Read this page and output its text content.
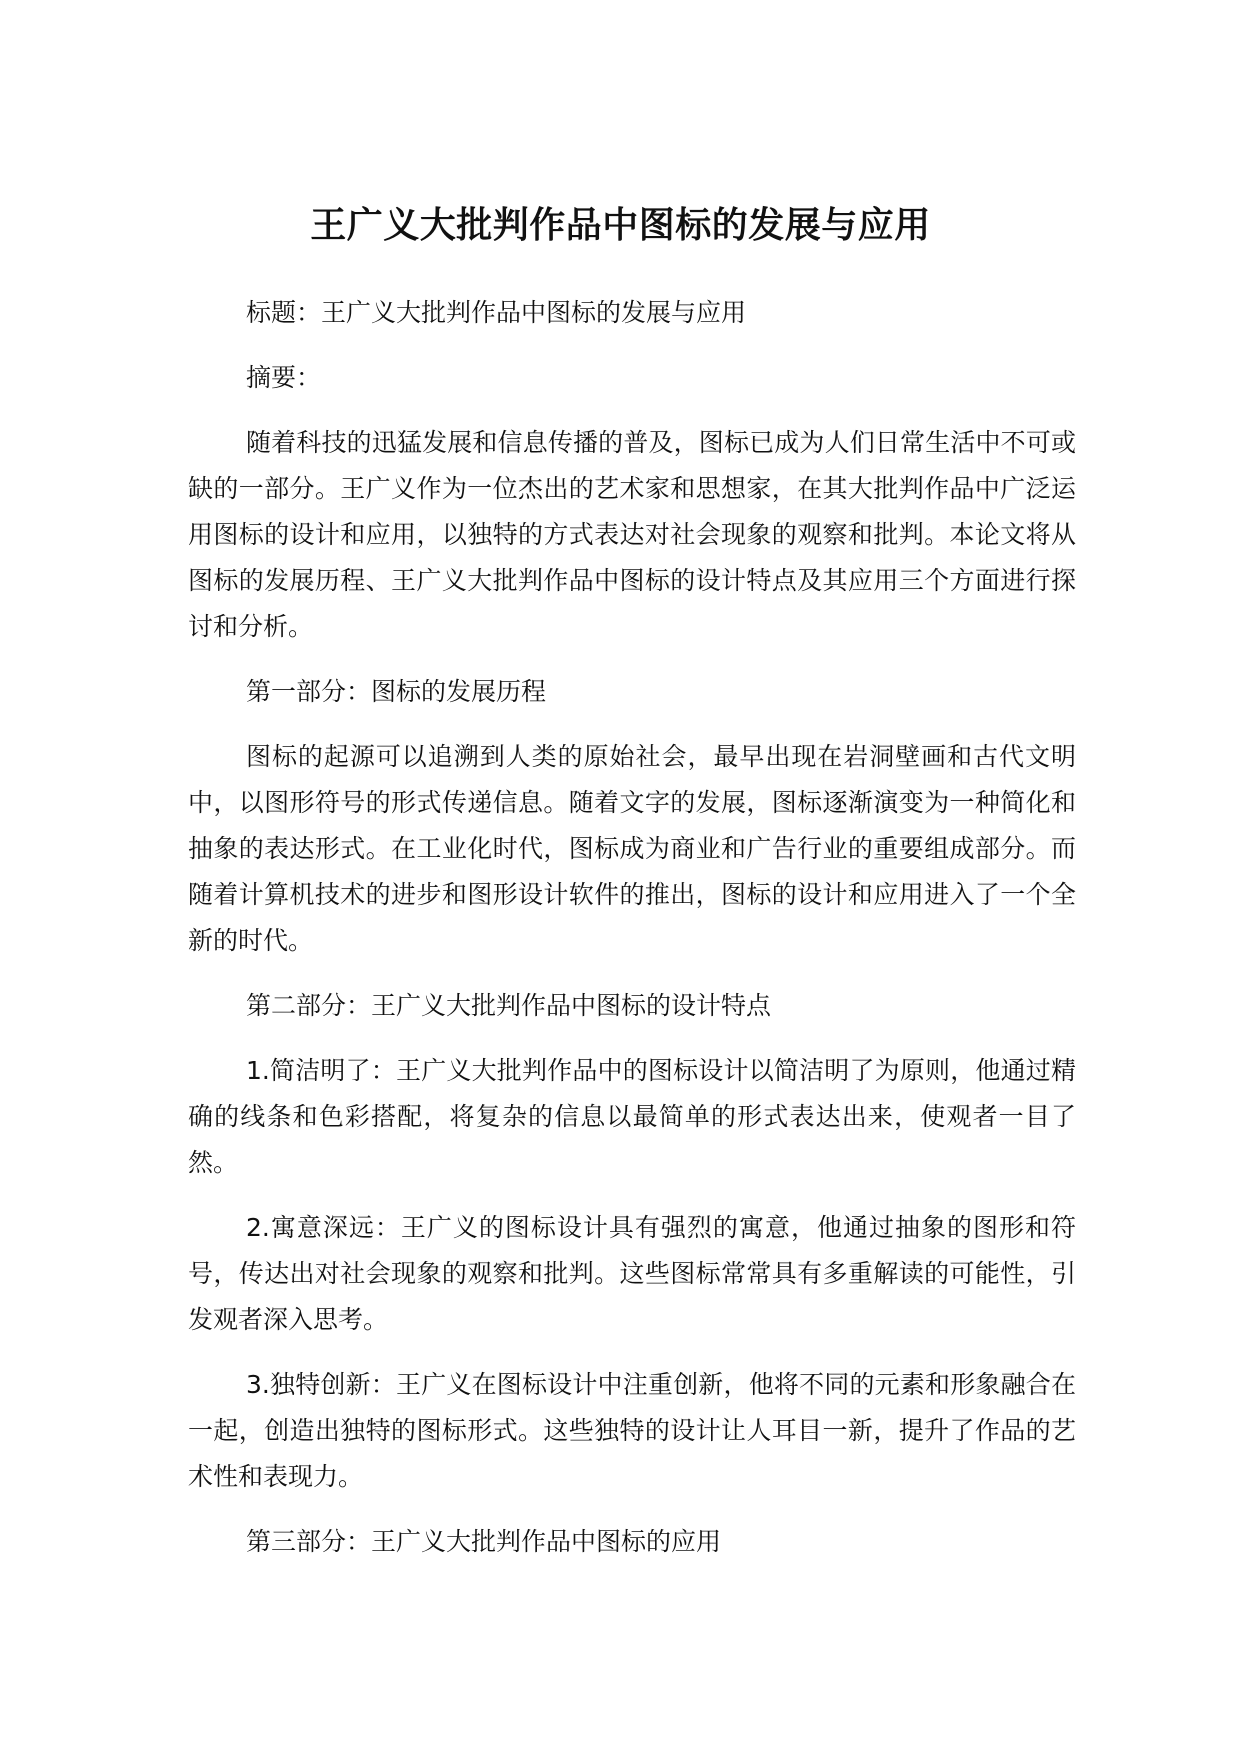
王广义大批判作品中图标的发展与应用

标题：王广义大批判作品中图标的发展与应用

摘要：

随着科技的迅猛发展和信息传播的普及，图标已成为人们日常生活中不可或缺的一部分。王广义作为一位杰出的艺术家和思想家，在其大批判作品中广泛运用图标的设计和应用，以独特的方式表达对社会现象的观察和批判。本论文将从图标的发展历程、王广义大批判作品中图标的设计特点及其应用三个方面进行探讨和分析。

第一部分：图标的发展历程

图标的起源可以追溯到人类的原始社会，最早出现在岩洞壁画和古代文明中，以图形符号的形式传递信息。随着文字的发展，图标逐渐演变为一种简化和抽象的表达形式。在工业化时代，图标成为商业和广告行业的重要组成部分。而随着计算机技术的进步和图形设计软件的推出，图标的设计和应用进入了一个全新的时代。

第二部分：王广义大批判作品中图标的设计特点

1.简洁明了：王广义大批判作品中的图标设计以简洁明了为原则，他通过精确的线条和色彩搭配，将复杂的信息以最简单的形式表达出来，使观者一目了然。

2.寓意深远：王广义的图标设计具有强烈的寓意，他通过抽象的图形和符号，传达出对社会现象的观察和批判。这些图标常常具有多重解读的可能性，引发观者深入思考。

3.独特创新：王广义在图标设计中注重创新，他将不同的元素和形象融合在一起，创造出独特的图标形式。这些独特的设计让人耳目一新，提升了作品的艺术性和表现力。

第三部分：王广义大批判作品中图标的应用
